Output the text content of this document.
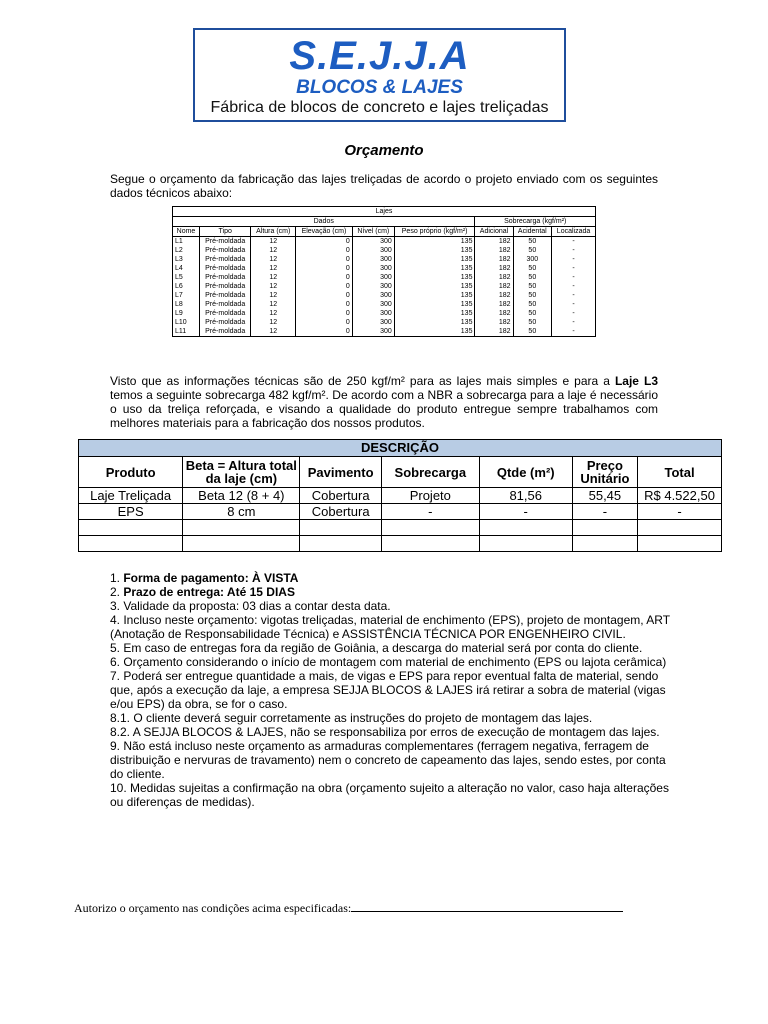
S.E.J.J.A
BLOCOS & LAJES
Fábrica de blocos de concreto e lajes treliçadas
Orçamento
Segue o orçamento da fabricação das lajes treliçadas de acordo o projeto enviado com os seguintes dados técnicos abaixo:
Lajes								
Dados						Sobrecarga (kgf/m²)		
Nome	Tipo	Altura (cm)	Elevação (cm)	Nível (cm)	Peso próprio (kgf/m²)	Adicional	Acidental	Localizada
L1	Pré-moldada	12	0	300	135	182	50	-
L2	Pré-moldada	12	0	300	135	182	50	-
L3	Pré-moldada	12	0	300	135	182	300	-
L4	Pré-moldada	12	0	300	135	182	50	-
L5	Pré-moldada	12	0	300	135	182	50	-
L6	Pré-moldada	12	0	300	135	182	50	-
L7	Pré-moldada	12	0	300	135	182	50	-
L8	Pré-moldada	12	0	300	135	182	50	-
L9	Pré-moldada	12	0	300	135	182	50	-
L10	Pré-moldada	12	0	300	135	182	50	-
L11	Pré-moldada	12	0	300	135	182	50	-
Visto que as informações técnicas são de 250 kgf/m² para as lajes mais simples e para a Laje L3 temos a seguinte sobrecarga 482 kgf/m². De acordo com a NBR a sobrecarga para a laje é necessário o uso da treliça reforçada, e visando a qualidade do produto entregue sempre trabalhamos com melhores materiais para a fabricação dos nossos produtos.
DESCRIÇÃO						
Produto	Beta = Altura total da laje (cm)	Pavimento	Sobrecarga	Qtde (m²)	Preço Unitário	Total
Laje Treliçada	Beta 12 (8 + 4)	Cobertura	Projeto	81,56	55,45	R$ 4.522,50
EPS	8 cm	Cobertura	-	-	-	-

1. Forma de pagamento: À VISTA
2. Prazo de entrega: Até 15 DIAS
3. Validade da proposta: 03 dias a contar desta data.
4. Incluso neste orçamento: vigotas treliçadas, material de enchimento (EPS), projeto de montagem, ART (Anotação de Responsabilidade Técnica) e ASSISTÊNCIA TÉCNICA POR ENGENHEIRO CIVIL.
5. Em caso de entregas fora da região de Goiânia, a descarga do material será por conta do cliente.
6. Orçamento considerando o início de montagem com material de enchimento (EPS ou lajota cerâmica)
7. Poderá ser entregue quantidade a mais, de vigas e EPS para repor eventual falta de material, sendo que, após a execução da laje, a empresa SEJJA BLOCOS & LAJES irá retirar a sobra de material (vigas e/ou EPS) da obra, se for o caso.
8.1. O cliente deverá seguir corretamente as instruções do projeto de montagem das lajes.
8.2. A SEJJA BLOCOS & LAJES, não se responsabiliza por erros de execução de montagem das lajes.
9. Não está incluso neste orçamento as armaduras complementares (ferragem negativa, ferragem de distribuição e nervuras de travamento) nem o concreto de capeamento das lajes, sendo estes, por conta do cliente.
10. Medidas sujeitas a confirmação na obra (orçamento sujeito a alteração no valor, caso haja alterações ou diferenças de medidas).
Autorizo o orçamento nas condições acima especificadas:
